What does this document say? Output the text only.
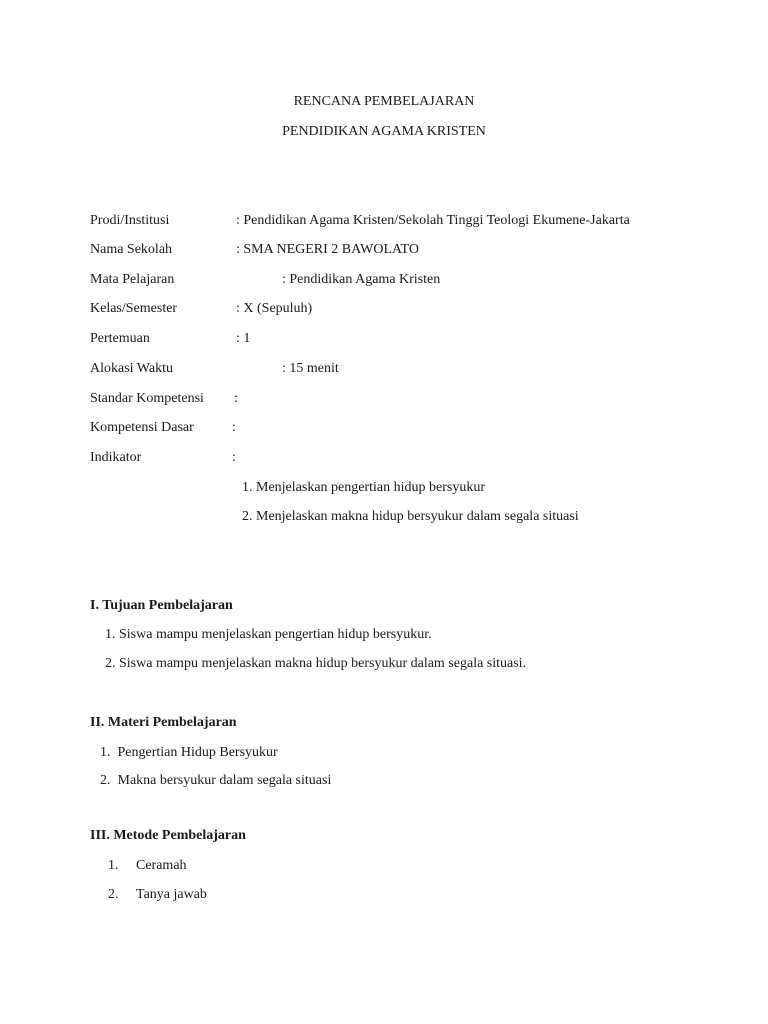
RENCANA PEMBELAJARAN
PENDIDIKAN AGAMA KRISTEN
Prodi/Institusi	: Pendidikan Agama Kristen/Sekolah Tinggi Teologi Ekumene-Jakarta
Nama Sekolah	: SMA NEGERI 2 BAWOLATO
Mata Pelajaran	: Pendidikan Agama Kristen
Kelas/Semester	: X (Sepuluh)
Pertemuan	: 1
Alokasi Waktu	: 15 menit
Standar Kompetensi :
Kompetensi Dasar	:
Indikator	:
1. Menjelaskan pengertian hidup bersyukur
2. Menjelaskan makna hidup bersyukur dalam segala situasi
I. Tujuan Pembelajaran
1. Siswa mampu menjelaskan pengertian hidup bersyukur.
2. Siswa mampu menjelaskan makna hidup bersyukur dalam segala situasi.
II. Materi Pembelajaran
1.  Pengertian Hidup Bersyukur
2.  Makna bersyukur dalam segala situasi
III. Metode Pembelajaran
1. Ceramah
2. Tanya jawab
